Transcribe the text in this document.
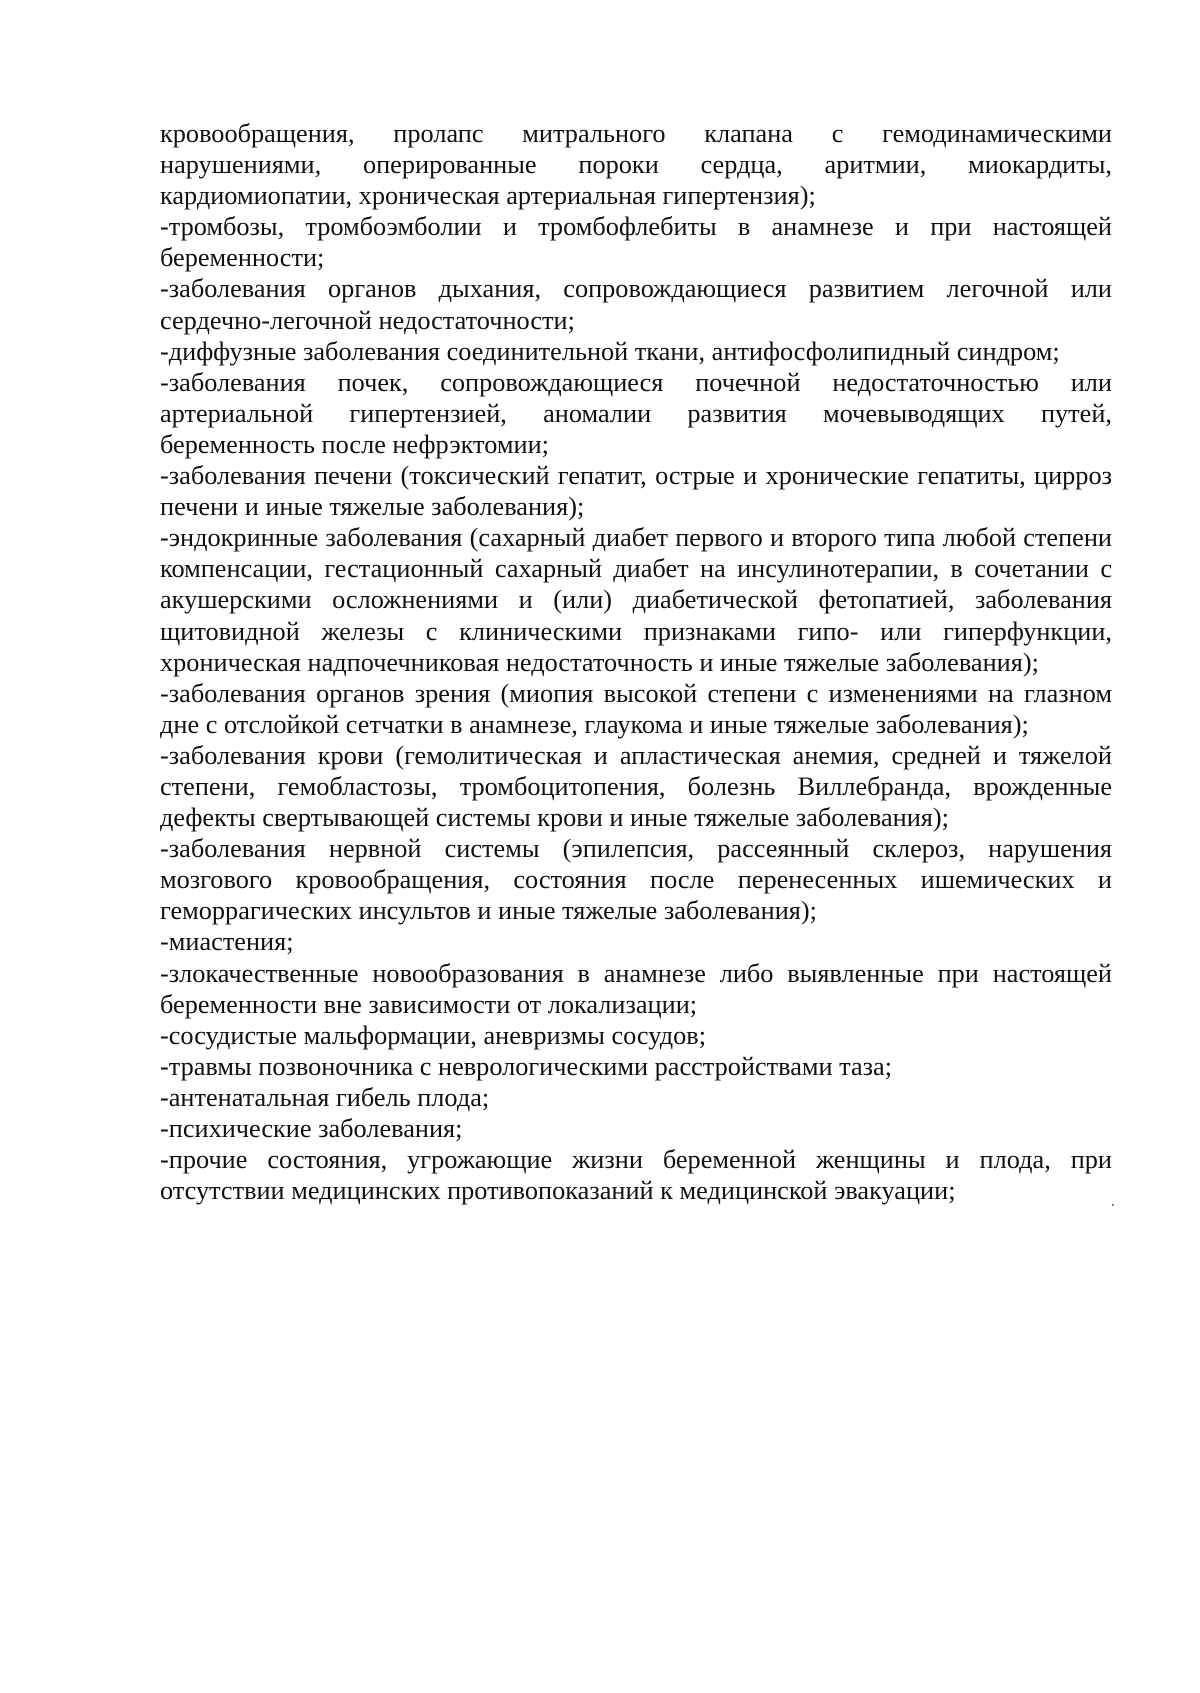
кровообращения, пролапс митрального клапана с гемодинамическими нарушениями, оперированные пороки сердца, аритмии, миокардиты, кардиомиопатии, хроническая артериальная гипертензия);

-тромбозы, тромбоэмболии и тромбофлебиты в анамнезе и при настоящей беременности;

-заболевания органов дыхания, сопровождающиеся развитием легочной или сердечно-легочной недостаточности;

-диффузные заболевания соединительной ткани, антифосфолипидный синдром;

-заболевания почек, сопровождающиеся почечной недостаточностью или артериальной гипертензией, аномалии развития мочевыводящих путей, беременность после нефрэктомии;

-заболевания печени (токсический гепатит, острые и хронические гепатиты, цирроз печени и иные тяжелые заболевания);

-эндокринные заболевания (сахарный диабет первого и второго типа любой степени компенсации, гестационный сахарный диабет на инсулинотерапии, в сочетании с акушерскими осложнениями и (или) диабетической фетопатией, заболевания щитовидной железы с клиническими признаками гипо- или гиперфункции, хроническая надпочечниковая недостаточность и иные тяжелые заболевания);

-заболевания органов зрения (миопия высокой степени с изменениями на глазном дне с отслойкой сетчатки в анамнезе, глаукома и иные тяжелые заболевания);

-заболевания крови (гемолитическая и апластическая анемия, средней и тяжелой степени, гемобластозы, тромбоцитопения, болезнь Виллебранда, врожденные дефекты свертывающей системы крови и иные тяжелые заболевания);

-заболевания нервной системы (эпилепсия, рассеянный склероз, нарушения мозгового кровообращения, состояния после перенесенных ишемических и геморрагических инсультов и иные тяжелые заболевания);

-миастения;

-злокачественные новообразования в анамнезе либо выявленные при настоящей беременности вне зависимости от локализации;

-сосудистые мальформации, аневризмы сосудов;

-травмы позвоночника с неврологическими расстройствами таза;

-антенатальная гибель плода;

-психические заболевания;

-прочие состояния, угрожающие жизни беременной женщины и плода, при отсутствии медицинских противопоказаний к медицинской эвакуации;
